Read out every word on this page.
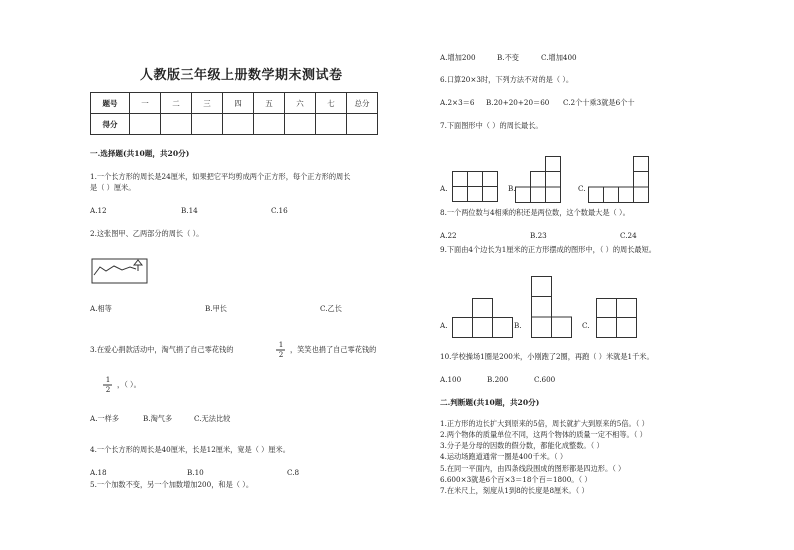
人教版三年级上册数学期末测试卷
题号	一	二	三	四	五	六	七	总分
得分								
一.选择题(共10题，共20分)
1.一个长方形的周长是24厘米，如果把它平均剪成两个正方形，每个正方形的周长
是（ ）厘米。
A.12	B.14	C.16
2.这张图甲、乙两部分的周长（ ）。
A.相等	B.甲长	C.乙长
3.在爱心捐款活动中，淘气捐了自己零花钱的
1
2
，笑笑也捐了自己零花钱的
1
2
，（ ）。
A.一样多	B.淘气多	C.无法比较
4.一个长方形的周长是40厘米，长是12厘米，宽是（ ）厘米。
A.18	B.10	C.8
5.一个加数不变，另一个加数增加200，和是（ ）。
A.增加200	B.不变	C.增加400
6.口算20×3时，下列方法不对的是（ ）。
A.2×3＝6 B.20+20+20＝60 C.2个十乘3就是6个十
7.下面图形中（ ）的周长最长。
A.	B.	C.
8.一个两位数与4相乘的积还是两位数，这个数最大是（ ）。
A.22	B.23	C.24
9.下面由4个边长为1厘米的正方形摆成的图形中，（ ）的周长最短。
A.	B.	C.
10.学校操场1圈是200米，小刚跑了2圈，再跑（ ）米就是1千米。
A.100	B.200	C.600
二.判断题(共10题，共20分)
1.正方形的边长扩大到原来的5倍，周长就扩大到原来的5倍。（ ）
2.两个物体的质量单位不同，这两个物体的质量一定不相等。（ ）
3.分子是分母的因数的假分数，都能化成整数。（ ）
4.运动场跑道通常一圈是400千米。（ ）
5.在同一平面内，由四条线段围成的图形都是四边形。（ ）
6.600×3就是6个百×3＝18个百＝1800。（ ）
7.在米尺上，刻度从1到8的长度是8厘米。（ ）
